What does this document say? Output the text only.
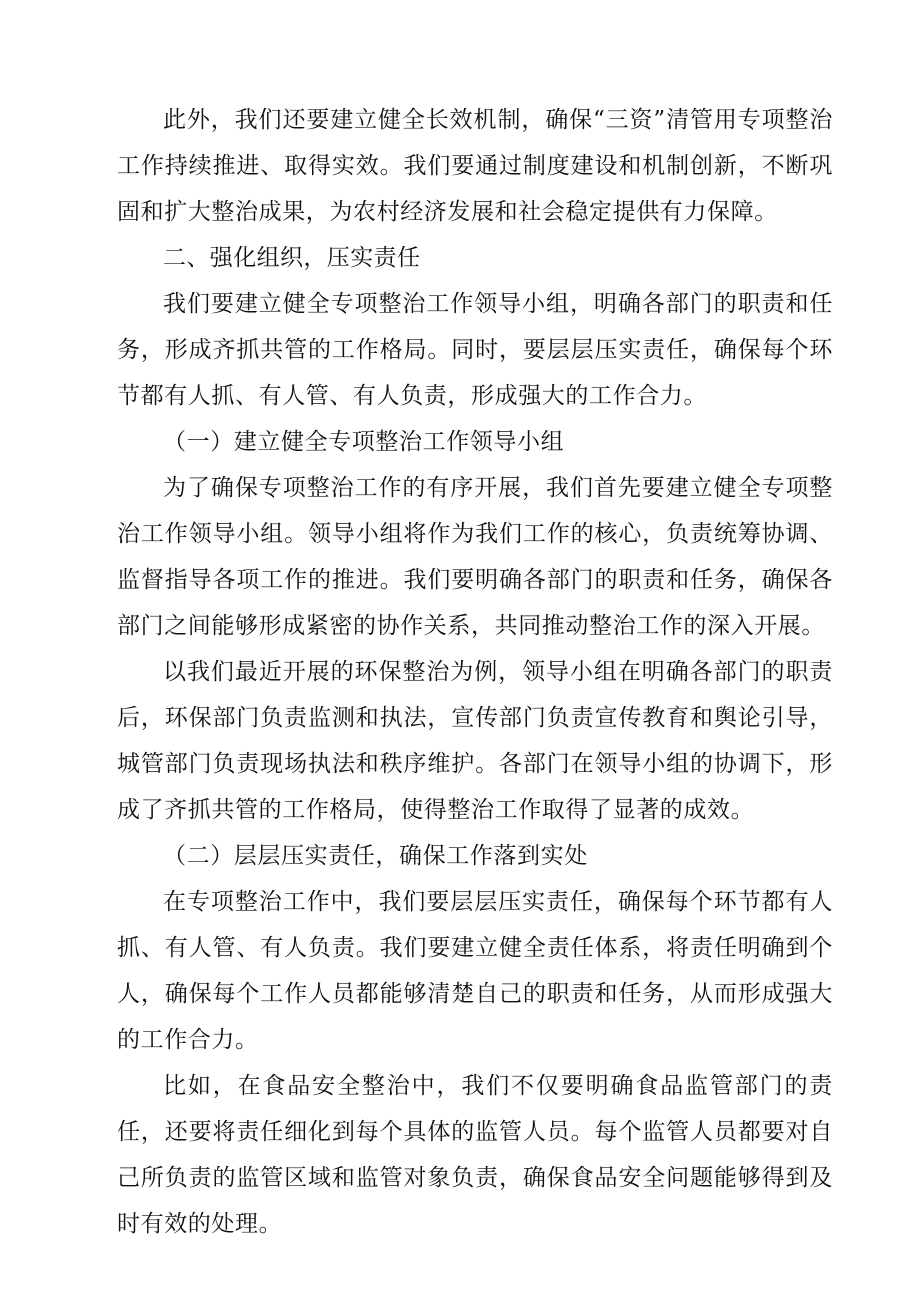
此外，我们还要建立健全长效机制，确保“三资”清管用专项整治工作持续推进、取得实效。我们要通过制度建设和机制创新，不断巩固和扩大整治成果，为农村经济发展和社会稳定提供有力保障。

二、强化组织，压实责任

我们要建立健全专项整治工作领导小组，明确各部门的职责和任务，形成齐抓共管的工作格局。同时，要层层压实责任，确保每个环节都有人抓、有人管、有人负责，形成强大的工作合力。

（一）建立健全专项整治工作领导小组

为了确保专项整治工作的有序开展，我们首先要建立健全专项整治工作领导小组。领导小组将作为我们工作的核心，负责统筹协调、监督指导各项工作的推进。我们要明确各部门的职责和任务，确保各部门之间能够形成紧密的协作关系，共同推动整治工作的深入开展。

以我们最近开展的环保整治为例，领导小组在明确各部门的职责后，环保部门负责监测和执法，宣传部门负责宣传教育和舆论引导，城管部门负责现场执法和秩序维护。各部门在领导小组的协调下，形成了齐抓共管的工作格局，使得整治工作取得了显著的成效。

（二）层层压实责任，确保工作落到实处

在专项整治工作中，我们要层层压实责任，确保每个环节都有人抓、有人管、有人负责。我们要建立健全责任体系，将责任明确到个人，确保每个工作人员都能够清楚自己的职责和任务，从而形成强大的工作合力。

比如，在食品安全整治中，我们不仅要明确食品监管部门的责任，还要将责任细化到每个具体的监管人员。每个监管人员都要对自己所负责的监管区域和监管对象负责，确保食品安全问题能够得到及时有效的处理。
